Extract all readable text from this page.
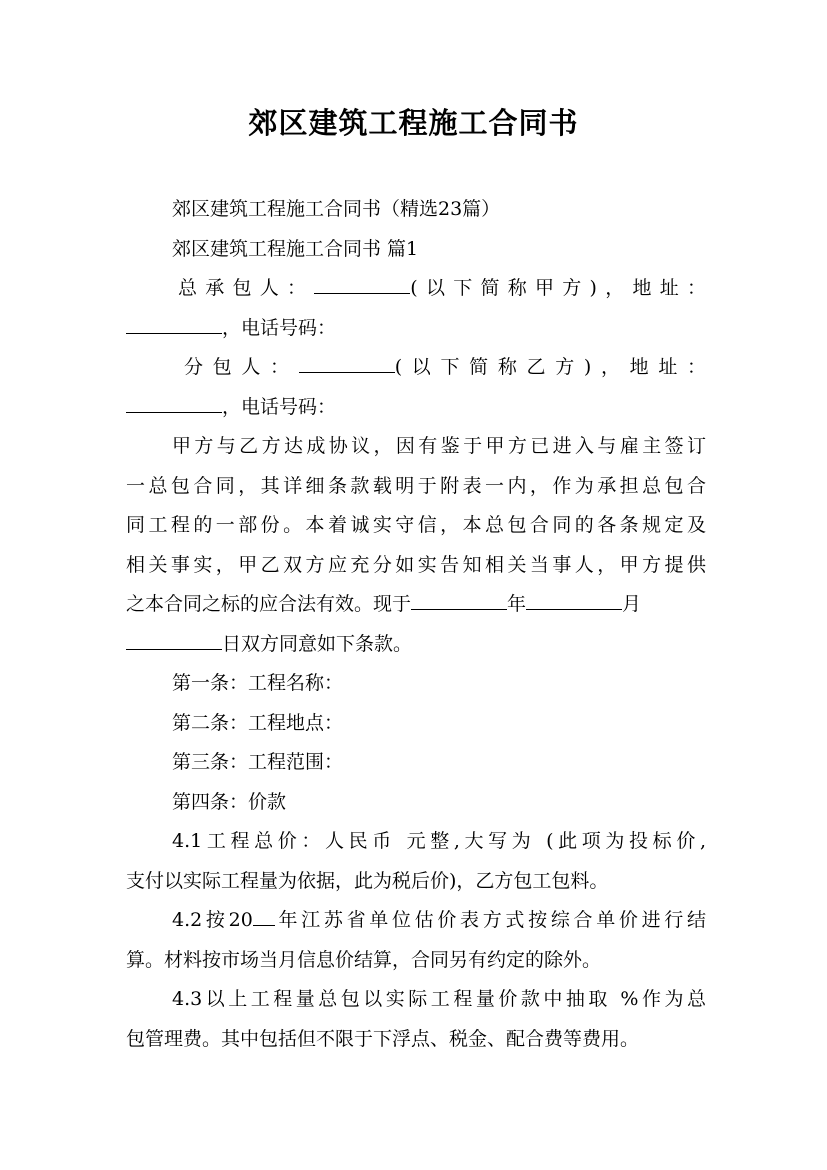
郊区建筑工程施工合同书
郊区建筑工程施工合同书（精选23篇）
郊区建筑工程施工合同书 篇1
总承包人：	(以下简称甲方)，地址：
，电话号码：
分包人：	(以下简称乙方)，地址：
，电话号码：
甲方与乙方达成协议，因有鉴于甲方已进入与雇主签订
一总包合同，其详细条款载明于附表一内，作为承担总包合
同工程的一部份。本着诚实守信，本总包合同的各条规定及
相关事实，甲乙双方应充分如实告知相关当事人，甲方提供
之本合同之标的应合法有效。现于	年	月
日双方同意如下条款。
第一条：工程名称：
第二条：工程地点：
第三条：工程范围：
第四条：价款
4.1工程总价：人民币 元整,大写为 (此项为投标价,
支付以实际工程量为依据，此为税后价)，乙方包工包料。
4.2按20 年江苏省单位估价表方式按综合单价进行结
算。材料按市场当月信息价结算，合同另有约定的除外。
4.3以上工程量总包以实际工程量价款中抽取 %作为总
包管理费。其中包括但不限于下浮点、税金、配合费等费用。
